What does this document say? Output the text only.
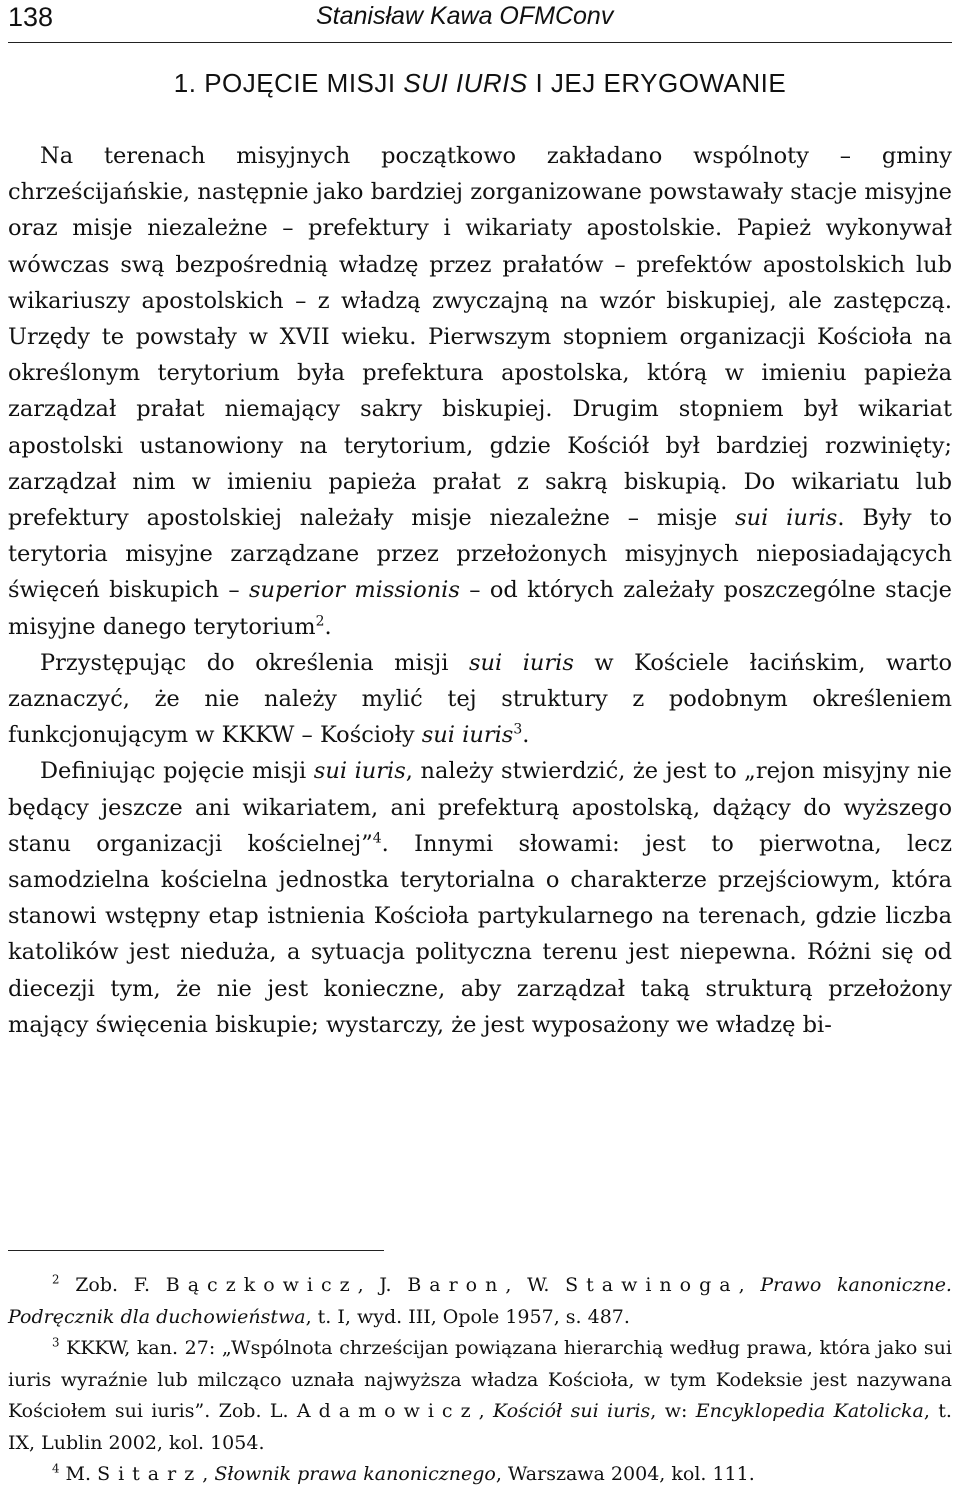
138	Stanisław Kawa OFMConv
1. POJĘCIE MISJI SUI IURIS I JEJ ERYGOWANIE

Na terenach misyjnych początkowo zakładano wspólnoty – gminy chrześcijańskie, następnie jako bardziej zorganizowane powstawały stacje misyjne oraz misje niezależne – prefektury i wikariaty apostolskie. Papież wykonywał wówczas swą bezpośrednią władzę przez prałatów – prefektów apostolskich lub wikariuszy apostolskich – z władzą zwyczajną na wzór biskupiej, ale zastępczą. Urzędy te powstały w XVII wieku. Pierwszym stopniem organizacji Kościoła na określonym terytorium była prefektura apostolska, którą w imieniu papieża zarządzał prałat niemający sakry biskupiej. Drugim stopniem był wikariat apostolski ustanowiony na terytorium, gdzie Kościół był bardziej rozwinięty; zarządzał nim w imieniu papieża prałat z sakrą biskupią. Do wikariatu lub prefektury apostolskiej należały misje niezależne – misje sui iuris. Były to terytoria misyjne zarządzane przez przełożonych misyjnych nieposiadających święceń biskupich – superior missionis – od których zależały poszczególne stacje misyjne danego terytorium$^2$.

Przystępując do określenia misji sui iuris w Kościele łacińskim, warto zaznaczyć, że nie należy mylić tej struktury z podobnym określeniem funkcjonującym w KKKW – Kościoły sui iuris$^3$.

Definiując pojęcie misji sui iuris, należy stwierdzić, że jest to „rejon misyjny nie będący jeszcze ani wikariatem, ani prefekturą apostolską, dążący do wyższego stanu organizacji kościelnej”$^4$. Innymi słowami: jest to pierwotna, lecz samodzielna kościelna jednostka terytorialna o charakterze przejściowym, która stanowi wstępny etap istnienia Kościoła partykularnego na terenach, gdzie liczba katolików jest nieduża, a sytuacja polityczna terenu jest niepewna. Różni się od diecezji tym, że nie jest konieczne, aby zarządzał taką strukturą przełożony mający święcenia biskupie; wystarczy, że jest wyposażony we władzę bi-

$^2$ Zob. F. Bączkowicz, J. Baron, W. Stawinoga, Prawo kanoniczne. Podręcznik dla duchowieństwa, t. I, wyd. III, Opole 1957, s. 487.

$^3$ KKKW, kan. 27: „Wspólnota chrześcijan powiązana hierarchią według prawa, która jako sui iuris wyraźnie lub milcząco uznała najwyższa władza Kościoła, w tym Kodeksie jest nazywana Kościołem sui iuris”. Zob. L. Adamowicz, Kościół sui iuris, w: Encyklopedia Katolicka, t. IX, Lublin 2002, kol. 1054.

$^4$ M. Sitarz, Słownik prawa kanonicznego, Warszawa 2004, kol. 111.
